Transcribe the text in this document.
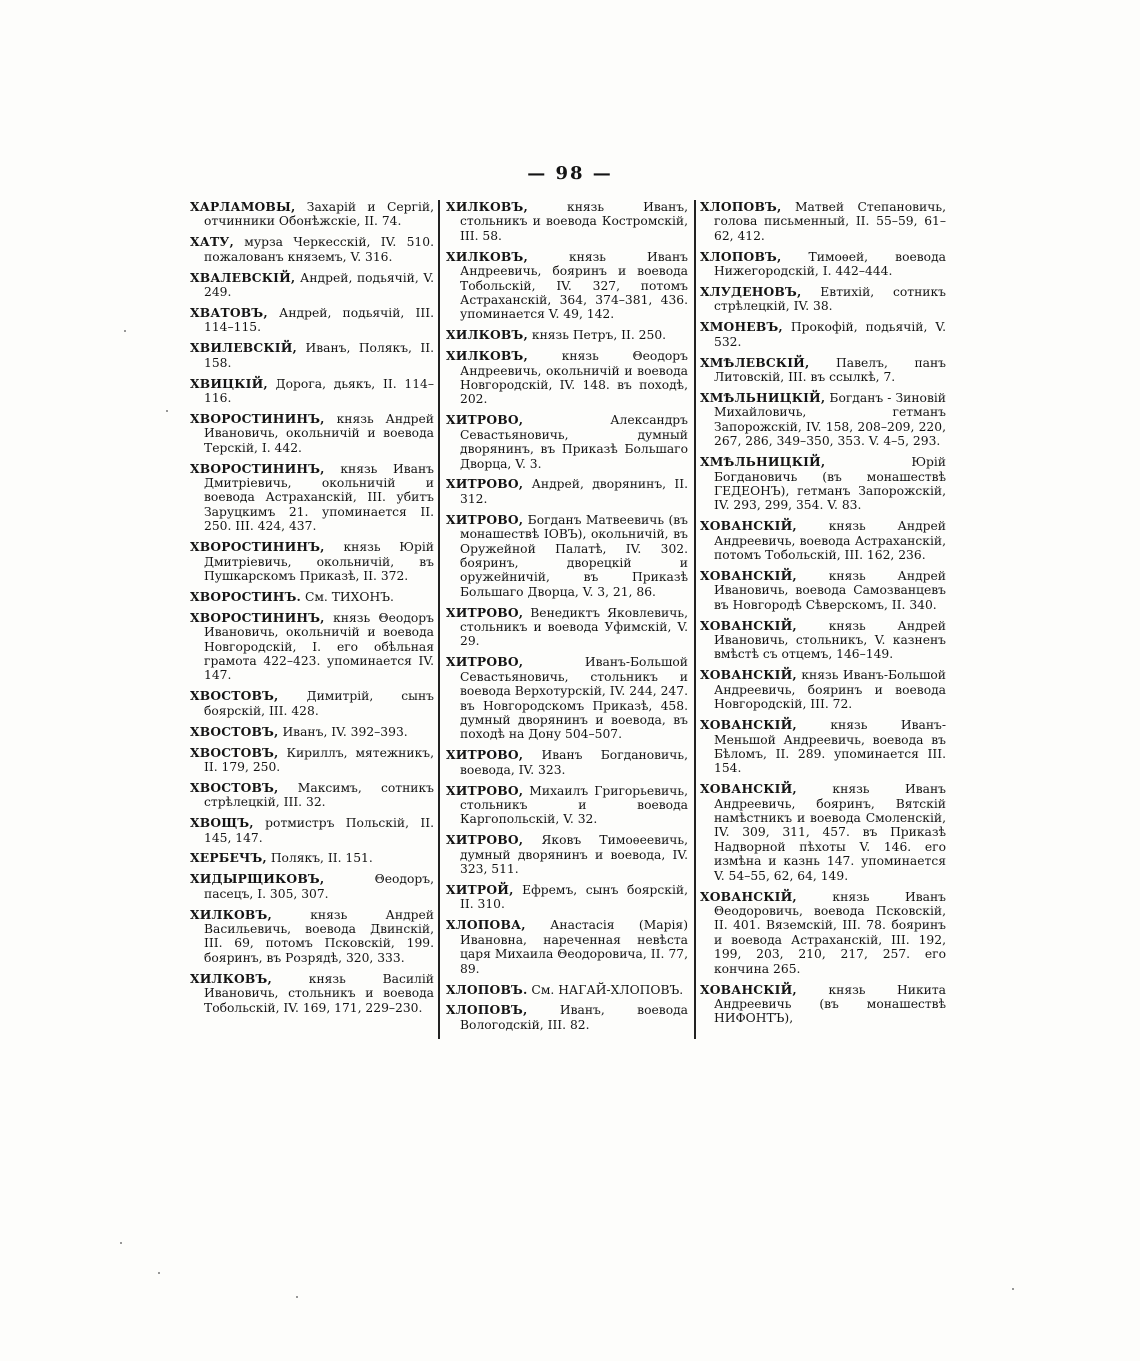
— 98 —

ХАРЛАМОВЫ, Захарій и Сергій, отчинники Обонѣжскіе, II. 74.

ХАТУ, мурза Черкесскій, IV. 510. пожалованъ княземъ, V. 316.

ХВАЛЕВСКІЙ, Андрей, подьячій, V. 249.

ХВАТОВЪ, Андрей, подьячій, III. 114–115.

ХВИЛЕВСКІЙ, Иванъ, Полякъ, II. 158.

ХВИЦКІЙ, Дорога, дьякъ, II. 114–116.

ХВОРОСТИНИНЪ, князь Андрей Ивановичь, окольничій и воевода Терскій, I. 442.

ХВОРОСТИНИНЪ, князь Иванъ Дмитріевичь, окольничій и воевода Астраханскій, III. убитъ Заруцкимъ 21. упоминается II. 250. III. 424, 437.

ХВОРОСТИНИНЪ, князь Юрій Дмитріевичь, окольничій, въ Пушкарскомъ Приказѣ, II. 372.

ХВОРОСТИНЪ. См. ТИХОНЪ.

ХВОРОСТИНИНЪ, князь Θеодоръ Ивановичь, окольничій и воевода Новгородскій, I. его обѣльная грамота 422–423. упоминается IV. 147.

ХВОСТОВЪ, Димитрій, сынъ боярскій, III. 428.

ХВОСТОВЪ, Иванъ, IV. 392–393.

ХВОСТОВЪ, Кириллъ, мятежникъ, II. 179, 250.

ХВОСТОВЪ, Максимъ, сотникъ стрѣлецкій, III. 32.

ХВОЩЪ, ротмистръ Польскій, II. 145, 147.

ХЕРБЕЧЪ, Полякъ, II. 151.

ХИДЫРЩИКОВЪ, Θеодоръ, пасецъ, I. 305, 307.

ХИЛКОВЪ, князь Андрей Васильевичь, воевода Двинскій, III. 69, потомъ Псковскій, 199. бояринъ, въ Розрядѣ, 320, 333.

ХИЛКОВЪ, князь Василій Ивановичь, стольникъ и воевода Тобольскій, IV. 169, 171, 229–230.

ХИЛКОВЪ, князь Иванъ, стольникъ и воевода Костромскій, III. 58.

ХИЛКОВЪ, князь Иванъ Андреевичь, бояринъ и воевода Тобольскій, IV. 327, потомъ Астраханскій, 364, 374–381, 436. упоминается V. 49, 142.

ХИЛКОВЪ, князь Петръ, II. 250.

ХИЛКОВЪ, князь Θеодоръ Андреевичь, окольничій и воевода Новгородскій, IV. 148. въ походѣ, 202.

ХИТРОВО, Александръ Севастьяновичь, думный дворянинъ, въ Приказѣ Большаго Дворца, V. 3.

ХИТРОВО, Андрей, дворянинъ, II. 312.

ХИТРОВО, Богданъ Матвеевичь (въ монашествѣ ІОВЪ), окольничій, въ Оружейной Палатѣ, IV. 302. бояринъ, дворецкій и оружейничій, въ Приказѣ Большаго Дворца, V. 3, 21, 86.

ХИТРОВО, Венедиктъ Яковлевичь, стольникъ и воевода Уфимскій, V. 29.

ХИТРОВО, Иванъ-Большой Севастьяновичь, стольникъ и воевода Верхотурскій, IV. 244, 247. въ Новгородскомъ Приказѣ, 458. думный дворянинъ и воевода, въ походѣ на Дону 504–507.

ХИТРОВО, Иванъ Богдановичь, воевода, IV. 323.

ХИТРОВО, Михаилъ Григорьевичь, стольникъ и воевода Каргопольскій, V. 32.

ХИТРОВО, Яковъ Тимоѳеевичь, думный дворянинъ и воевода, IV. 323, 511.

ХИТРОЙ, Ефремъ, сынъ боярскій, II. 310.

ХЛОПОВА, Анастасія (Марія) Ивановна, нареченная невѣста царя Михаила Θеодоровича, II. 77, 89.

ХЛОПОВЪ. См. НАГАЙ-ХЛОПОВЪ.

ХЛОПОВЪ, Иванъ, воевода Вологодскій, III. 82.

ХЛОПОВЪ, Матвей Степановичь, голова письменный, II. 55–59, 61–62, 412.

ХЛОПОВЪ, Тимоѳей, воевода Нижегородскій, I. 442–444.

ХЛУДЕНОВЪ, Евтихій, сотникъ стрѣлецкій, IV. 38.

ХМОНЕВЪ, Прокофій, подьячій, V. 532.

ХМѢЛЕВСКІЙ, Павелъ, панъ Литовскій, III. въ ссылкѣ, 7.

ХМѢЛЬНИЦКІЙ, Богданъ - Зиновій Михайловичь, гетманъ Запорожскій, IV. 158, 208–209, 220, 267, 286, 349–350, 353. V. 4–5, 293.

ХМѢЛЬНИЦКІЙ, Юрій Богдановичь (въ монашествѣ ГЕДЕОНЪ), гетманъ Запорожскій, IV. 293, 299, 354. V. 83.

ХОВАНСКІЙ, князь Андрей Андреевичь, воевода Астраханскій, потомъ Тобольскій, III. 162, 236.

ХОВАНСКІЙ, князь Андрей Ивановичь, воевода Самозванцевъ въ Новгородѣ Сѣверскомъ, II. 340.

ХОВАНСКІЙ, князь Андрей Ивановичь, стольникъ, V. казненъ вмѣстѣ съ отцемъ, 146–149.

ХОВАНСКІЙ, князь Иванъ-Большой Андреевичь, бояринъ и воевода Новгородскій, III. 72.

ХОВАНСКІЙ, князь Иванъ-Меньшой Андреевичь, воевода въ Бѣломъ, II. 289. упоминается III. 154.

ХОВАНСКІЙ, князь Иванъ Андреевичь, бояринъ, Вятскій намѣстникъ и воевода Смоленскій, IV. 309, 311, 457. въ Приказѣ Надворной пѣхоты V. 146. его измѣна и казнь 147. упоминается V. 54–55, 62, 64, 149.

ХОВАНСКІЙ, князь Иванъ Θеодоровичь, воевода Псковскій, II. 401. Вяземскій, III. 78. бояринъ и воевода Астраханскій, III. 192, 199, 203, 210, 217, 257. его кончина 265.

ХОВАНСКІЙ, князь Никита Андреевичь (въ монашествѣ НИФОНТЪ),
